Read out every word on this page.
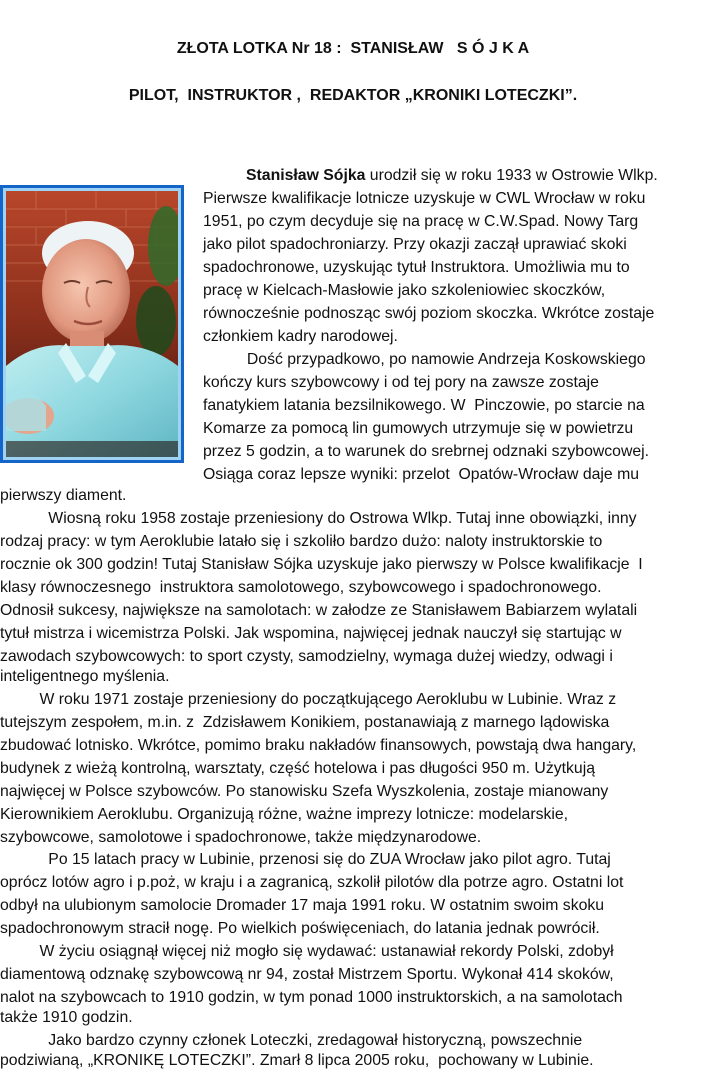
ZŁOTA LOTKA Nr 18 :  STANISŁAW   S Ó J K A
PILOT,  INSTRUKTOR ,  REDAKTOR „KRONIKI LOTECZKI”.
Stanisław Sójka urodził się w roku 1933 w Ostrowie Wlkp.
Pierwsze kwalifikacje lotnicze uzyskuje w CWL Wrocław w roku
1951, po czym decyduje się na pracę w C.W.Spad. Nowy Targ
jako pilot spadochroniarzy. Przy okazji zaczął uprawiać skoki
spadochronowe, uzyskując tytuł Instruktora. Umożliwia mu to
pracę w Kielcach-Masłowie jako szkoleniowiec skoczków,
równocześnie podnosząc swój poziom skoczka. Wkrótce zostaje
członkiem kadry narodowej.
Dość przypadkowo, po namowie Andrzeja Koskowskiego
kończy kurs szybowcowy i od tej pory na zawsze zostaje
fanatykiem latania bezsilnikowego. W  Pinczowie, po starcie na
Komarze za pomocą lin gumowych utrzymuje się w powietrzu
przez 5 godzin, a to warunek do srebrnej odznaki szybowcowej.
Osiąga coraz lepsze wyniki: przelot  Opatów-Wrocław daje mu
pierwszy diament.
Wiosną roku 1958 zostaje przeniesiony do Ostrowa Wlkp. Tutaj inne obowiązki, inny
rodzaj pracy: w tym Aeroklubie latało się i szkoliło bardzo dużo: naloty instruktorskie to
rocznie ok 300 godzin! Tutaj Stanisław Sójka uzyskuje jako pierwszy w Polsce kwalifikacje  I
klasy równoczesnego  instruktora samolotowego, szybowcowego i spadochronowego.
Odnosił sukcesy, największe na samolotach: w załodze ze Stanisławem Babiarzem wylatali
tytuł mistrza i wicemistrza Polski. Jak wspomina, najwięcej jednak nauczył się startując w
zawodach szybowcowych: to sport czysty, samodzielny, wymaga dużej wiedzy, odwagi i
inteligentnego myślenia.
W roku 1971 zostaje przeniesiony do początkującego Aeroklubu w Lubinie. Wraz z
tutejszym zespołem, m.in. z  Zdzisławem Konikiem, postanawiają z marnego lądowiska
zbudować lotnisko. Wkrótce, pomimo braku nakładów finansowych, powstają dwa hangary,
budynek z wieżą kontrolną, warsztaty, część hotelowa i pas długości 950 m. Użytkują
najwięcej w Polsce szybowców. Po stanowisku Szefa Wyszkolenia, zostaje mianowany
Kierownikiem Aeroklubu. Organizują różne, ważne imprezy lotnicze: modelarskie,
szybowcowe, samolotowe i spadochronowe, także międzynarodowe.
Po 15 latach pracy w Lubinie, przenosi się do ZUA Wrocław jako pilot agro. Tutaj
oprócz lotów agro i p.poż, w kraju i a zagranicą, szkolił pilotów dla potrze agro. Ostatni lot
odbył na ulubionym samolocie Dromader 17 maja 1991 roku. W ostatnim swoim skoku
spadochronowym stracił nogę. Po wielkich poświęceniach, do latania jednak powrócił.
W życiu osiągnął więcej niż mogło się wydawać: ustanawiał rekordy Polski, zdobył
diamentową odznakę szybowcową nr 94, został Mistrzem Sportu. Wykonał 414 skoków,
nalot na szybowcach to 1910 godzin, w tym ponad 1000 instruktorskich, a na samolotach
także 1910 godzin.
Jako bardzo czynny członek Loteczki, zredagował historyczną, powszechnie
podziwianą, „KRONIKĘ LOTECZKI”. Zmarł 8 lipca 2005 roku,  pochowany w Lubinie.
